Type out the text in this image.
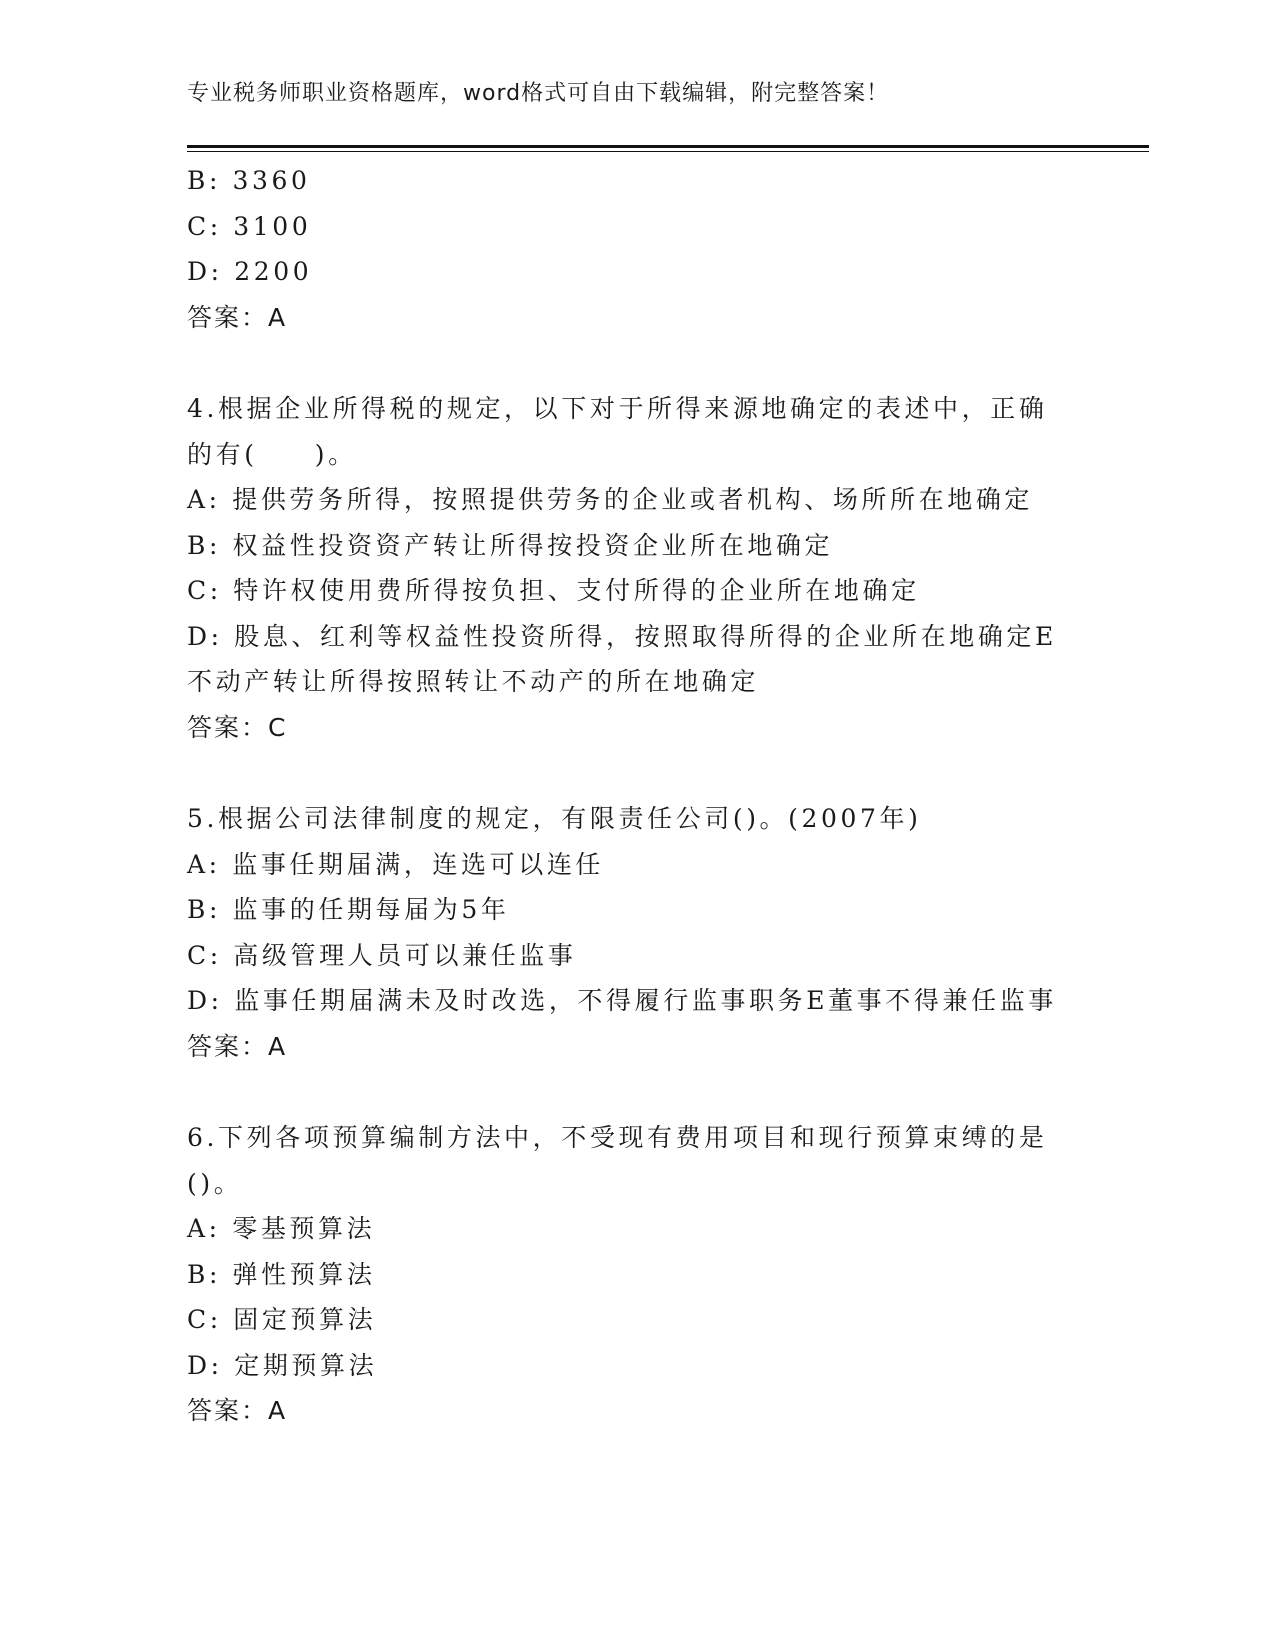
专业税务师职业资格题库，word格式可自由下载编辑，附完整答案！
B: 3360
C: 3100
D: 2200
答案：A
4.根据企业所得税的规定，以下对于所得来源地确定的表述中，正确
的有(　　)。
A: 提供劳务所得，按照提供劳务的企业或者机构、场所所在地确定
B: 权益性投资资产转让所得按投资企业所在地确定
C: 特许权使用费所得按负担、支付所得的企业所在地确定
D: 股息、红利等权益性投资所得，按照取得所得的企业所在地确定E
不动产转让所得按照转让不动产的所在地确定
答案：C
5.根据公司法律制度的规定，有限责任公司()。(2007年)
A: 监事任期届满，连选可以连任
B: 监事的任期每届为5年
C: 高级管理人员可以兼任监事
D: 监事任期届满未及时改选，不得履行监事职务E董事不得兼任监事
答案：A
6.下列各项预算编制方法中，不受现有费用项目和现行预算束缚的是
()。
A: 零基预算法
B: 弹性预算法
C: 固定预算法
D: 定期预算法
答案：A
